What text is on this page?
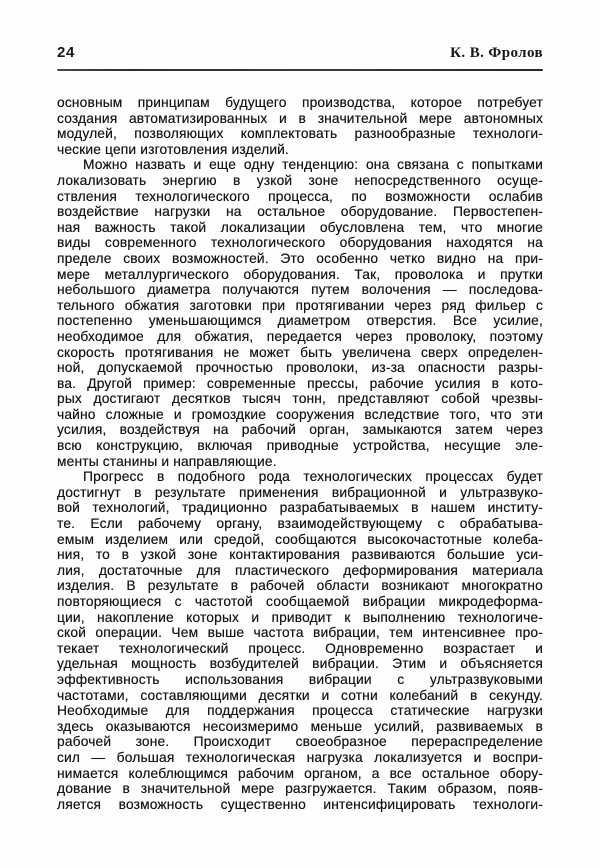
24	К. В. Фролов
основным принципам будущего производства, которое потребует
создания автоматизированных и в значительной мере автономных
модулей, позволяющих комплектовать разнообразные технологи-
ческие цепи изготовления изделий.
Можно назвать и еще одну тенденцию: она связана с попытками
локализовать энергию в узкой зоне непосредственного осуще-
ствления технологического процесса, по возможности ослабив
воздействие нагрузки на остальное оборудование. Первостепен-
ная важность такой локализации обусловлена тем, что многие
виды современного технологического оборудования находятся на
пределе своих возможностей. Это особенно четко видно на при-
мере металлургического оборудования. Так, проволока и прутки
небольшого диаметра получаются путем волочения — последова-
тельного обжатия заготовки при протягивании через ряд фильер с
постепенно уменьшающимся диаметром отверстия. Все усилие,
необходимое для обжатия, передается через проволоку, поэтому
скорость протягивания не может быть увеличена сверх определен-
ной, допускаемой прочностью проволоки, из-за опасности разры-
ва. Другой пример: современные прессы, рабочие усилия в кото-
рых достигают десятков тысяч тонн, представляют собой чрезвы-
чайно сложные и громоздкие сооружения вследствие того, что эти
усилия, воздействуя на рабочий орган, замыкаются затем через
всю конструкцию, включая приводные устройства, несущие эле-
менты станины и направляющие.
Прогресс в подобного рода технологических процессах будет
достигнут в результате применения вибрационной и ультразвуко-
вой технологий, традиционно разрабатываемых в нашем институ-
те. Если рабочему органу, взаимодействующему с обрабатыва-
емым изделием или средой, сообщаются высокочастотные колеба-
ния, то в узкой зоне контактирования развиваются большие уси-
лия, достаточные для пластического деформирования материала
изделия. В результате в рабочей области возникают многократно
повторяющиеся с частотой сообщаемой вибрации микродеформа-
ции, накопление которых и приводит к выполнению технологиче-
ской операции. Чем выше частота вибрации, тем интенсивнее про-
текает технологический процесс. Одновременно возрастает и
удельная мощность возбудителей вибрации. Этим и объясняется
эффективность использования вибрации с ультразвуковыми
частотами, составляющими десятки и сотни колебаний в секунду.
Необходимые для поддержания процесса статические нагрузки
здесь оказываются несоизмеримо меньше усилий, развиваемых в
рабочей зоне. Происходит своеобразное перераспределение
сил — большая технологическая нагрузка локализуется и воспри-
нимается колеблющимся рабочим органом, а все остальное обору-
дование в значительной мере разгружается. Таким образом, появ-
ляется возможность существенно интенсифицировать технологи-
